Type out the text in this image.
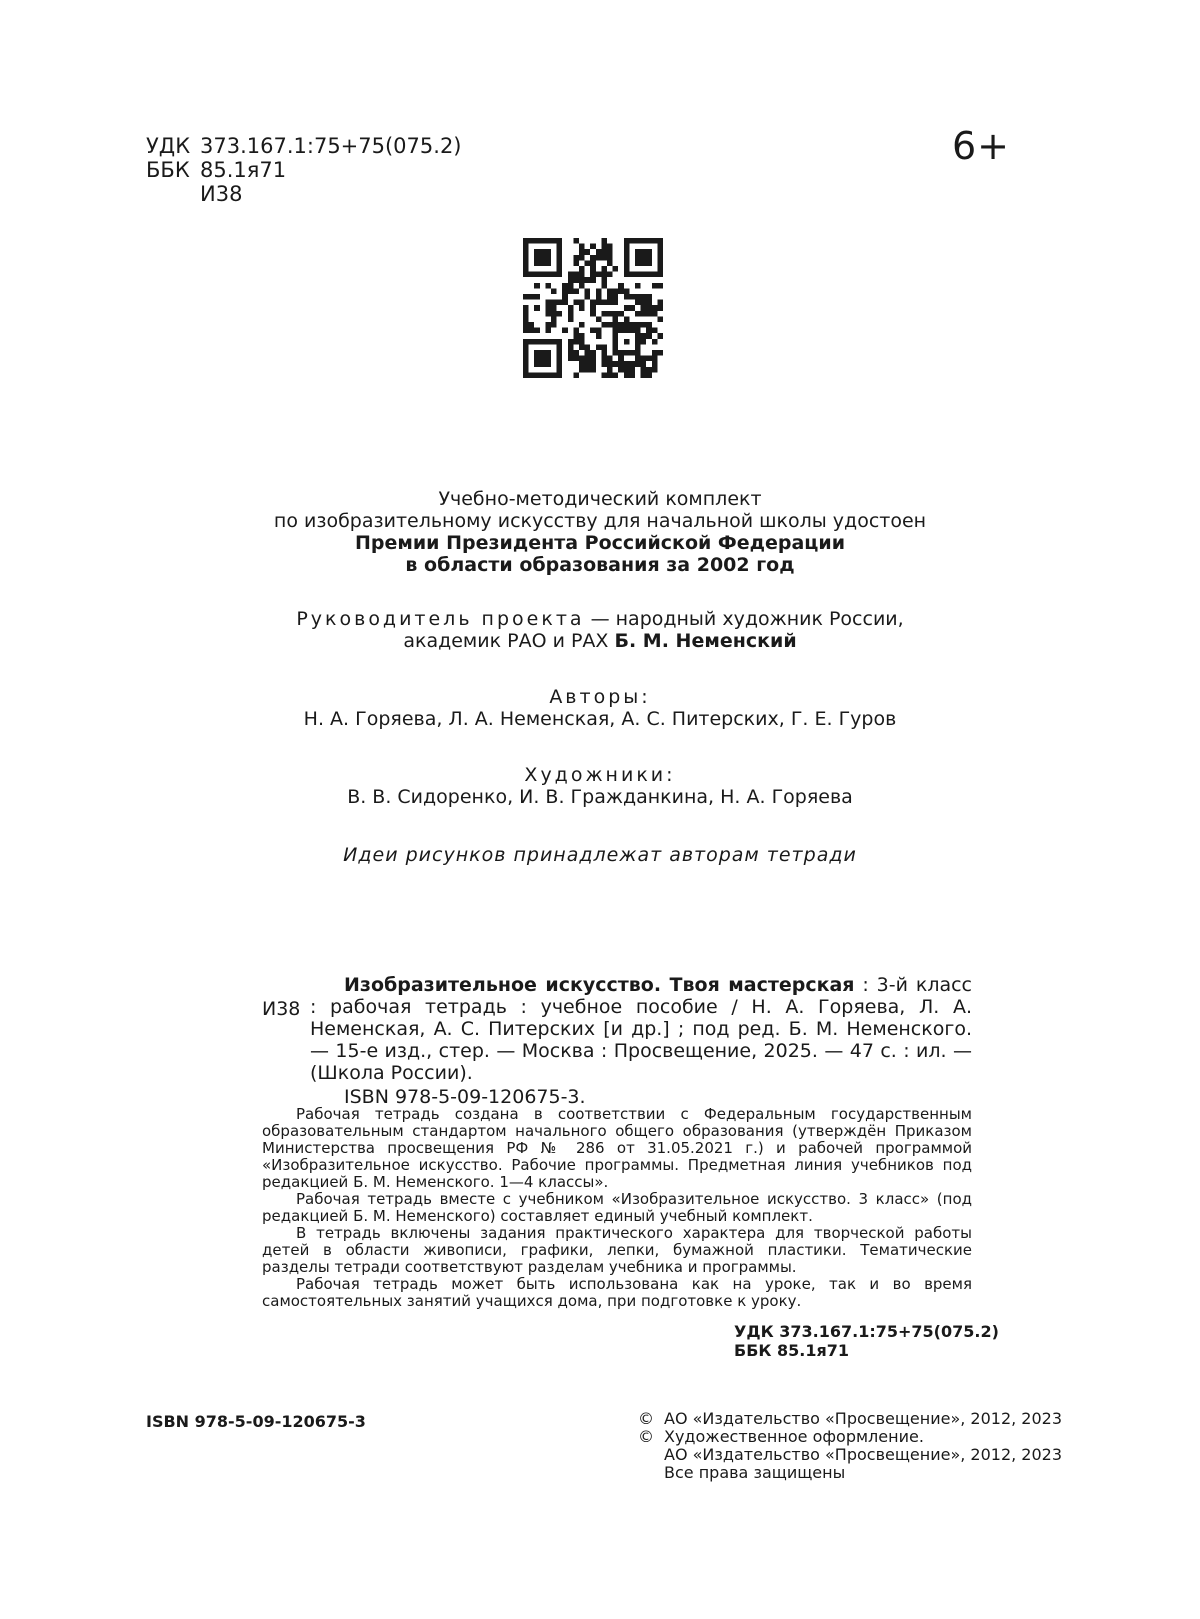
УДК 373.167.1:75+75(075.2)
ББК 85.1я71
И38
6+
Учебно-методический комплект
по изобразительному искусству для начальной школы удостоен
Премии Президента Российской Федерации
в области образования за 2002 год
Руководитель проекта — народный художник России,
академик РАО и РАХ Б. М. Неменский
Авторы:
Н. А. Горяева, Л. А. Неменская, А. С. Питерских, Г. Е. Гуров
Художники:
В. В. Сидоренко, И. В. Гражданкина, Н. А. Горяева
Идеи рисунков принадлежат авторам тетради
И38
Изобразительное искусство. Твоя мастерская : 3-й класс : рабочая тетрадь : учебное пособие / Н. А. Горяева, Л. А. Неменская, А. С. Питерских [и др.] ; под ред. Б. М. Неменского. — 15-е изд., стер. — Москва : Просвещение, 2025. — 47 с. : ил. — (Школа России).
ISBN 978-5-09-120675-3.

Рабочая тетрадь создана в соответствии с Федеральным государственным образовательным стандартом начального общего образования (утверждён Приказом Министерства просвещения РФ № 286 от 31.05.2021 г.) и рабочей программой «Изобразительное искусство. Рабочие программы. Предметная линия учебников под редакцией Б. М. Неменского. 1—4 классы».

Рабочая тетрадь вместе с учебником «Изобразительное искусство. 3 класс» (под редакцией Б. М. Неменского) составляет единый учебный комплект.

В тетрадь включены задания практического характера для творческой работы детей в области живописи, графики, лепки, бумажной пластики. Тематические разделы тетради соответствуют разделам учебника и программы.

Рабочая тетрадь может быть использована как на уроке, так и во время самостоятельных занятий учащихся дома, при подготовке к уроку.

УДК 373.167.1:75+75(075.2)
ББК 85.1я71
ISBN 978-5-09-120675-3	© АО «Издательство «Просвещение», 2012, 2023
© Художественное оформление.
АО «Издательство «Просвещение», 2012, 2023
Все права защищены
